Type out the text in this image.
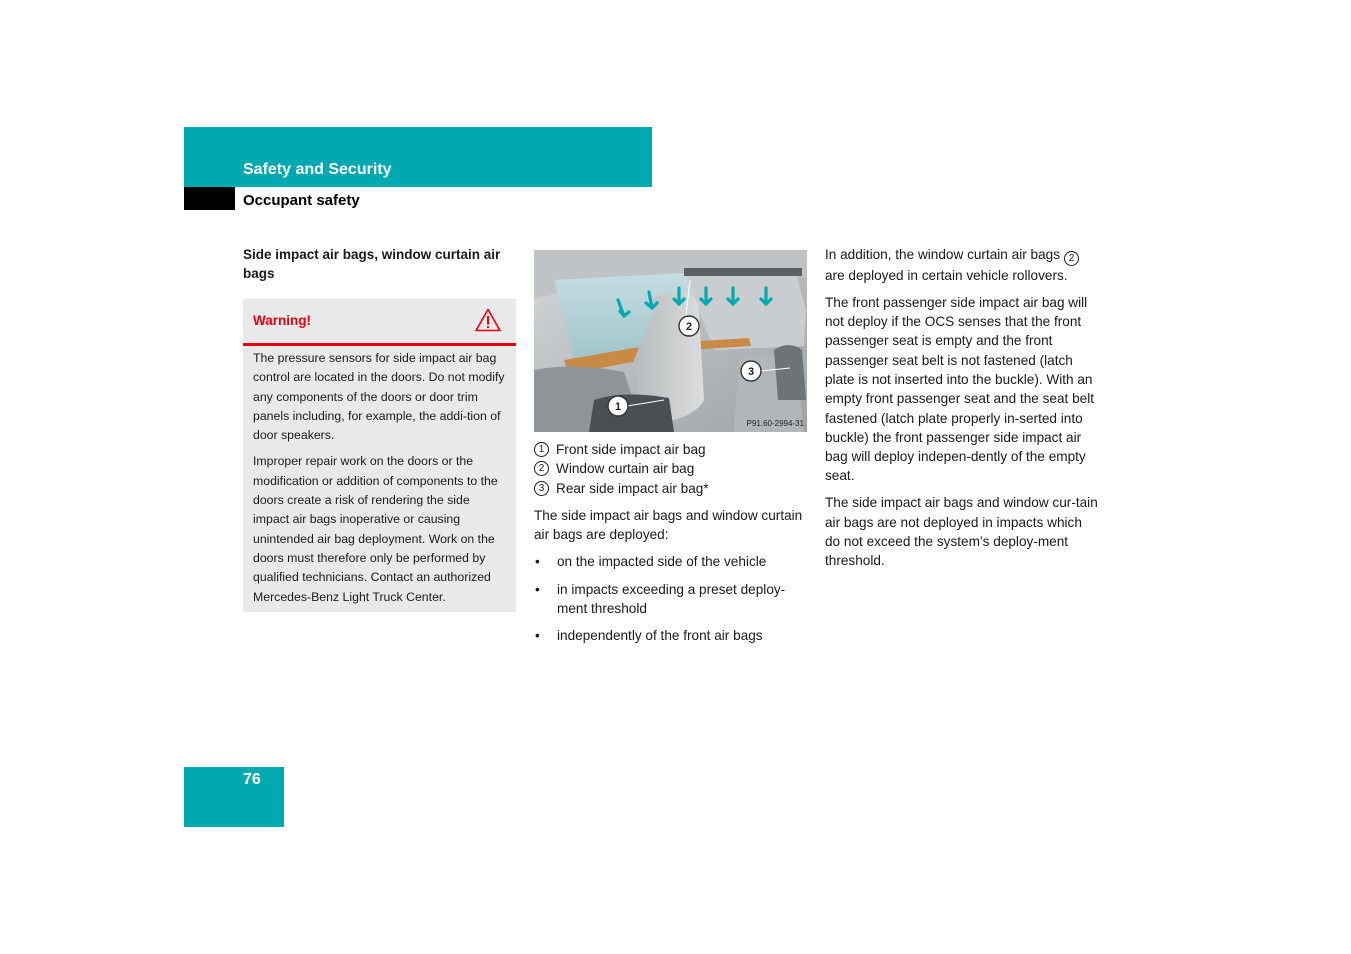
Safety and Security
Occupant safety
Side impact air bags, window curtain air bags
Warning!

The pressure sensors for side impact air bag control are located in the doors. Do not modify any components of the doors or door trim panels including, for example, the addi-tion of door speakers.

Improper repair work on the doors or the modification or addition of components to the doors create a risk of rendering the side impact air bags inoperative or causing unintended air bag deployment. Work on the doors must therefore only be performed by qualified technicians. Contact an authorized Mercedes-Benz Light Truck Center.

2
3
1
P91.60-2994-31
1 Front side impact air bag
2 Window curtain air bag
3 Rear side impact air bag*

The side impact air bags and window curtain air bags are deployed:

• on the impacted side of the vehicle
• in impacts exceeding a preset deploy-ment threshold
• independently of the front air bags

In addition, the window curtain air bags 2 are deployed in certain vehicle rollovers.

The front passenger side impact air bag will not deploy if the OCS senses that the front passenger seat is empty and the front passenger seat belt is not fastened (latch plate is not inserted into the buckle). With an empty front passenger seat and the seat belt fastened (latch plate properly in-serted into buckle) the front passenger side impact air bag will deploy indepen-dently of the empty seat.

The side impact air bags and window cur-tain air bags are not deployed in impacts which do not exceed the system’s deploy-ment threshold.

76
